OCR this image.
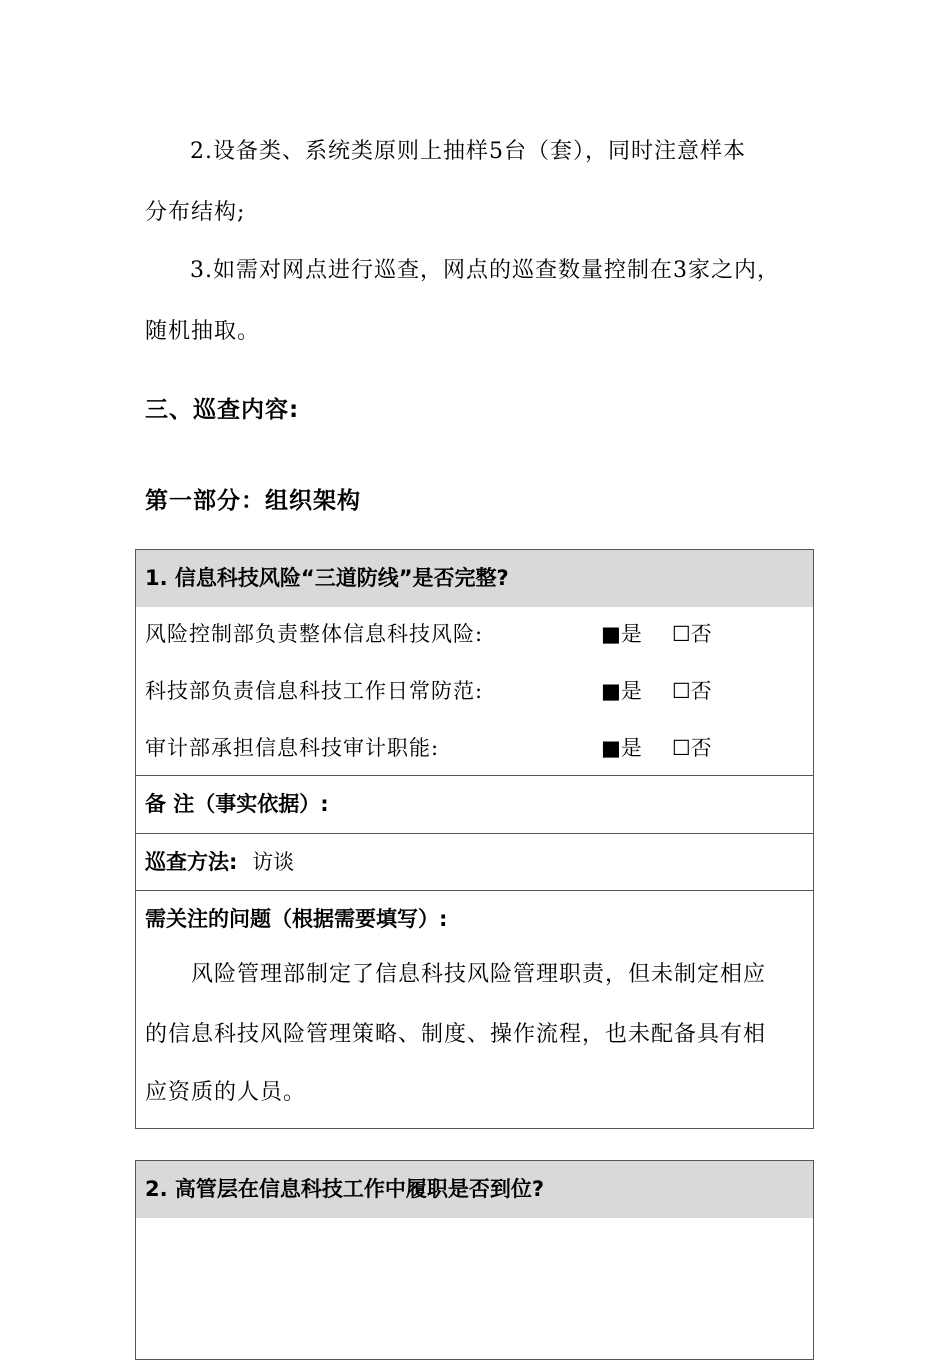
2.设备类、系统类原则上抽样5台（套），同时注意样本
分布结构;
3.如需对网点进行巡查，网点的巡查数量控制在3家之内，
随机抽取。
三、巡查内容:
第一部分：组织架构
1. 信息科技风险“三道防线”是否完整?
风险控制部负责整体信息科技风险:	■是 ☐否
科技部负责信息科技工作日常防范:	■是 ☐否
审计部承担信息科技审计职能:	■是 ☐否
备 注（事实依据）:
巡查方法: 访谈
需关注的问题（根据需要填写）:
风险管理部制定了信息科技风险管理职责，但未制定相应
的信息科技风险管理策略、制度、操作流程，也未配备具有相
应资质的人员。
2. 高管层在信息科技工作中履职是否到位?
